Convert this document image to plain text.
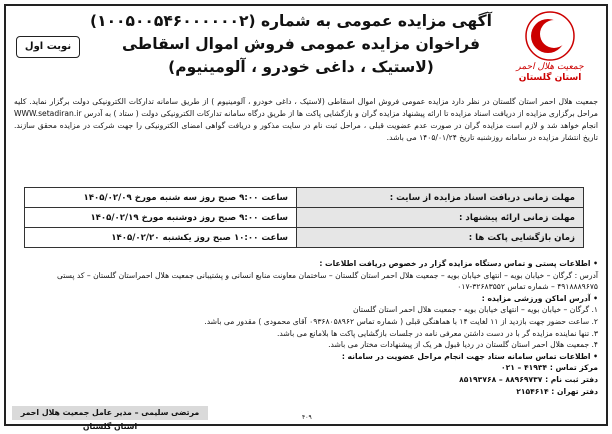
جمعیت هلال احمر
استان گلستان
آگهی مزایده عمومی به شماره (۱۰۰۵۰۰۵۴۶۰۰۰۰۰۰۲)
فراخوان مزایده عمومی فروش اموال اسقاطی
(لاستیک ، داغی خودرو ، آلومینیوم)
نوبت اول
جمعیت هلال احمر استان گلستان در نظر دارد مزایده عمومی فروش اموال اسقاطی (لاستیک ، داغی خودرو ، آلومینیوم ) از طریق سامانه تدارکات الکترونیکی دولت برگزار نماید. کلیه مراحل برگزاری مزایده از دریافت اسناد مزایده تا ارائه پیشنهاد مزایده گران و بازگشایی پاکت ها از طریق درگاه سامانه تدارکات الکترونیکی دولت ( ستاد ) به آدرس WWW.setadiran.ir انجام خواهد شد و لازم است مزایده گران در صورت عدم عضویت قبلی ، مراحل ثبت نام در سایت مذکور و دریافت گواهی امضای الکترونیکی را جهت شرکت در مزایده محقق سازند. تاریخ انتشار مزایده در سامانه روزشنبه تاریخ ۱۴۰۵/۰۱/۲۴ می باشد.
مهلت زمانی دریافت اسناد مزایده از سایت :	ساعت ۹:۰۰ صبح روز سه شنبه مورخ ۱۴۰۵/۰۲/۰۹
مهلت زمانی ارائه پیشنهاد :	ساعت ۹:۰۰ صبح روز دوشنبه مورخ ۱۴۰۵/۰۲/۱۹
زمان بازگشایی پاکت ها :	ساعت ۱۰:۰۰ صبح روز یکشنبه ۱۴۰۵/۰۲/۲۰
• اطلاعات پستی و تماس دستگاه مزایده گزار در خصوص دریافت اطلاعات :
آدرس : گرگان – خیابان بویه – انتهای خیابان بویه – جمعیت هلال احمر استان گلستان – ساختمان معاونت منابع انسانی و پشتیبانی جمعیت هلال احمراستان گلستان – کد پستی ۴۹۱۸۸۸۹۶۷۵ – شماره تماس ۳۲۶۸۳۵۵۲-۰۱۷
• آدرس اماکن ورزشی مزایده :
۱. گرگان – خیابان بویه – انتهای خیابان بویه - جمعیت هلال احمر استان گلستان
۲. ساعت حضور جهت بازدید از ۱۱ لغایت ۱۴ با هماهنگی قبلی ( شماره تماس ۰۹۳۶۸۰۵۸۹۶۲ آقای محمودی ) مقدور می باشد.
۳. تنها نماینده مزایده گر با در دست داشتن معرفی نامه در جلسات بازگشایی پاکت ها بلامانع می باشد.
۴. جمعیت هلال احمر استان گلستان در ردیا قبول هر یک از پیشنهادات مختار می باشد.
• اطلاعات تماس سامانه ستاد جهت انجام مراحل عضویت در سامانه :
مرکز تماس : ۴۱۹۳۴ – ۰۲۱
دفتر ثبت نام : ۸۸۹۶۹۷۳۷ – ۸۵۱۹۳۷۶۸
دفتر تهران : ۲۱۵۴۶۱۴
مرتضی سلیمی – مدیر عامل جمعیت هلال احمر استان گلستان
۴۰۹
